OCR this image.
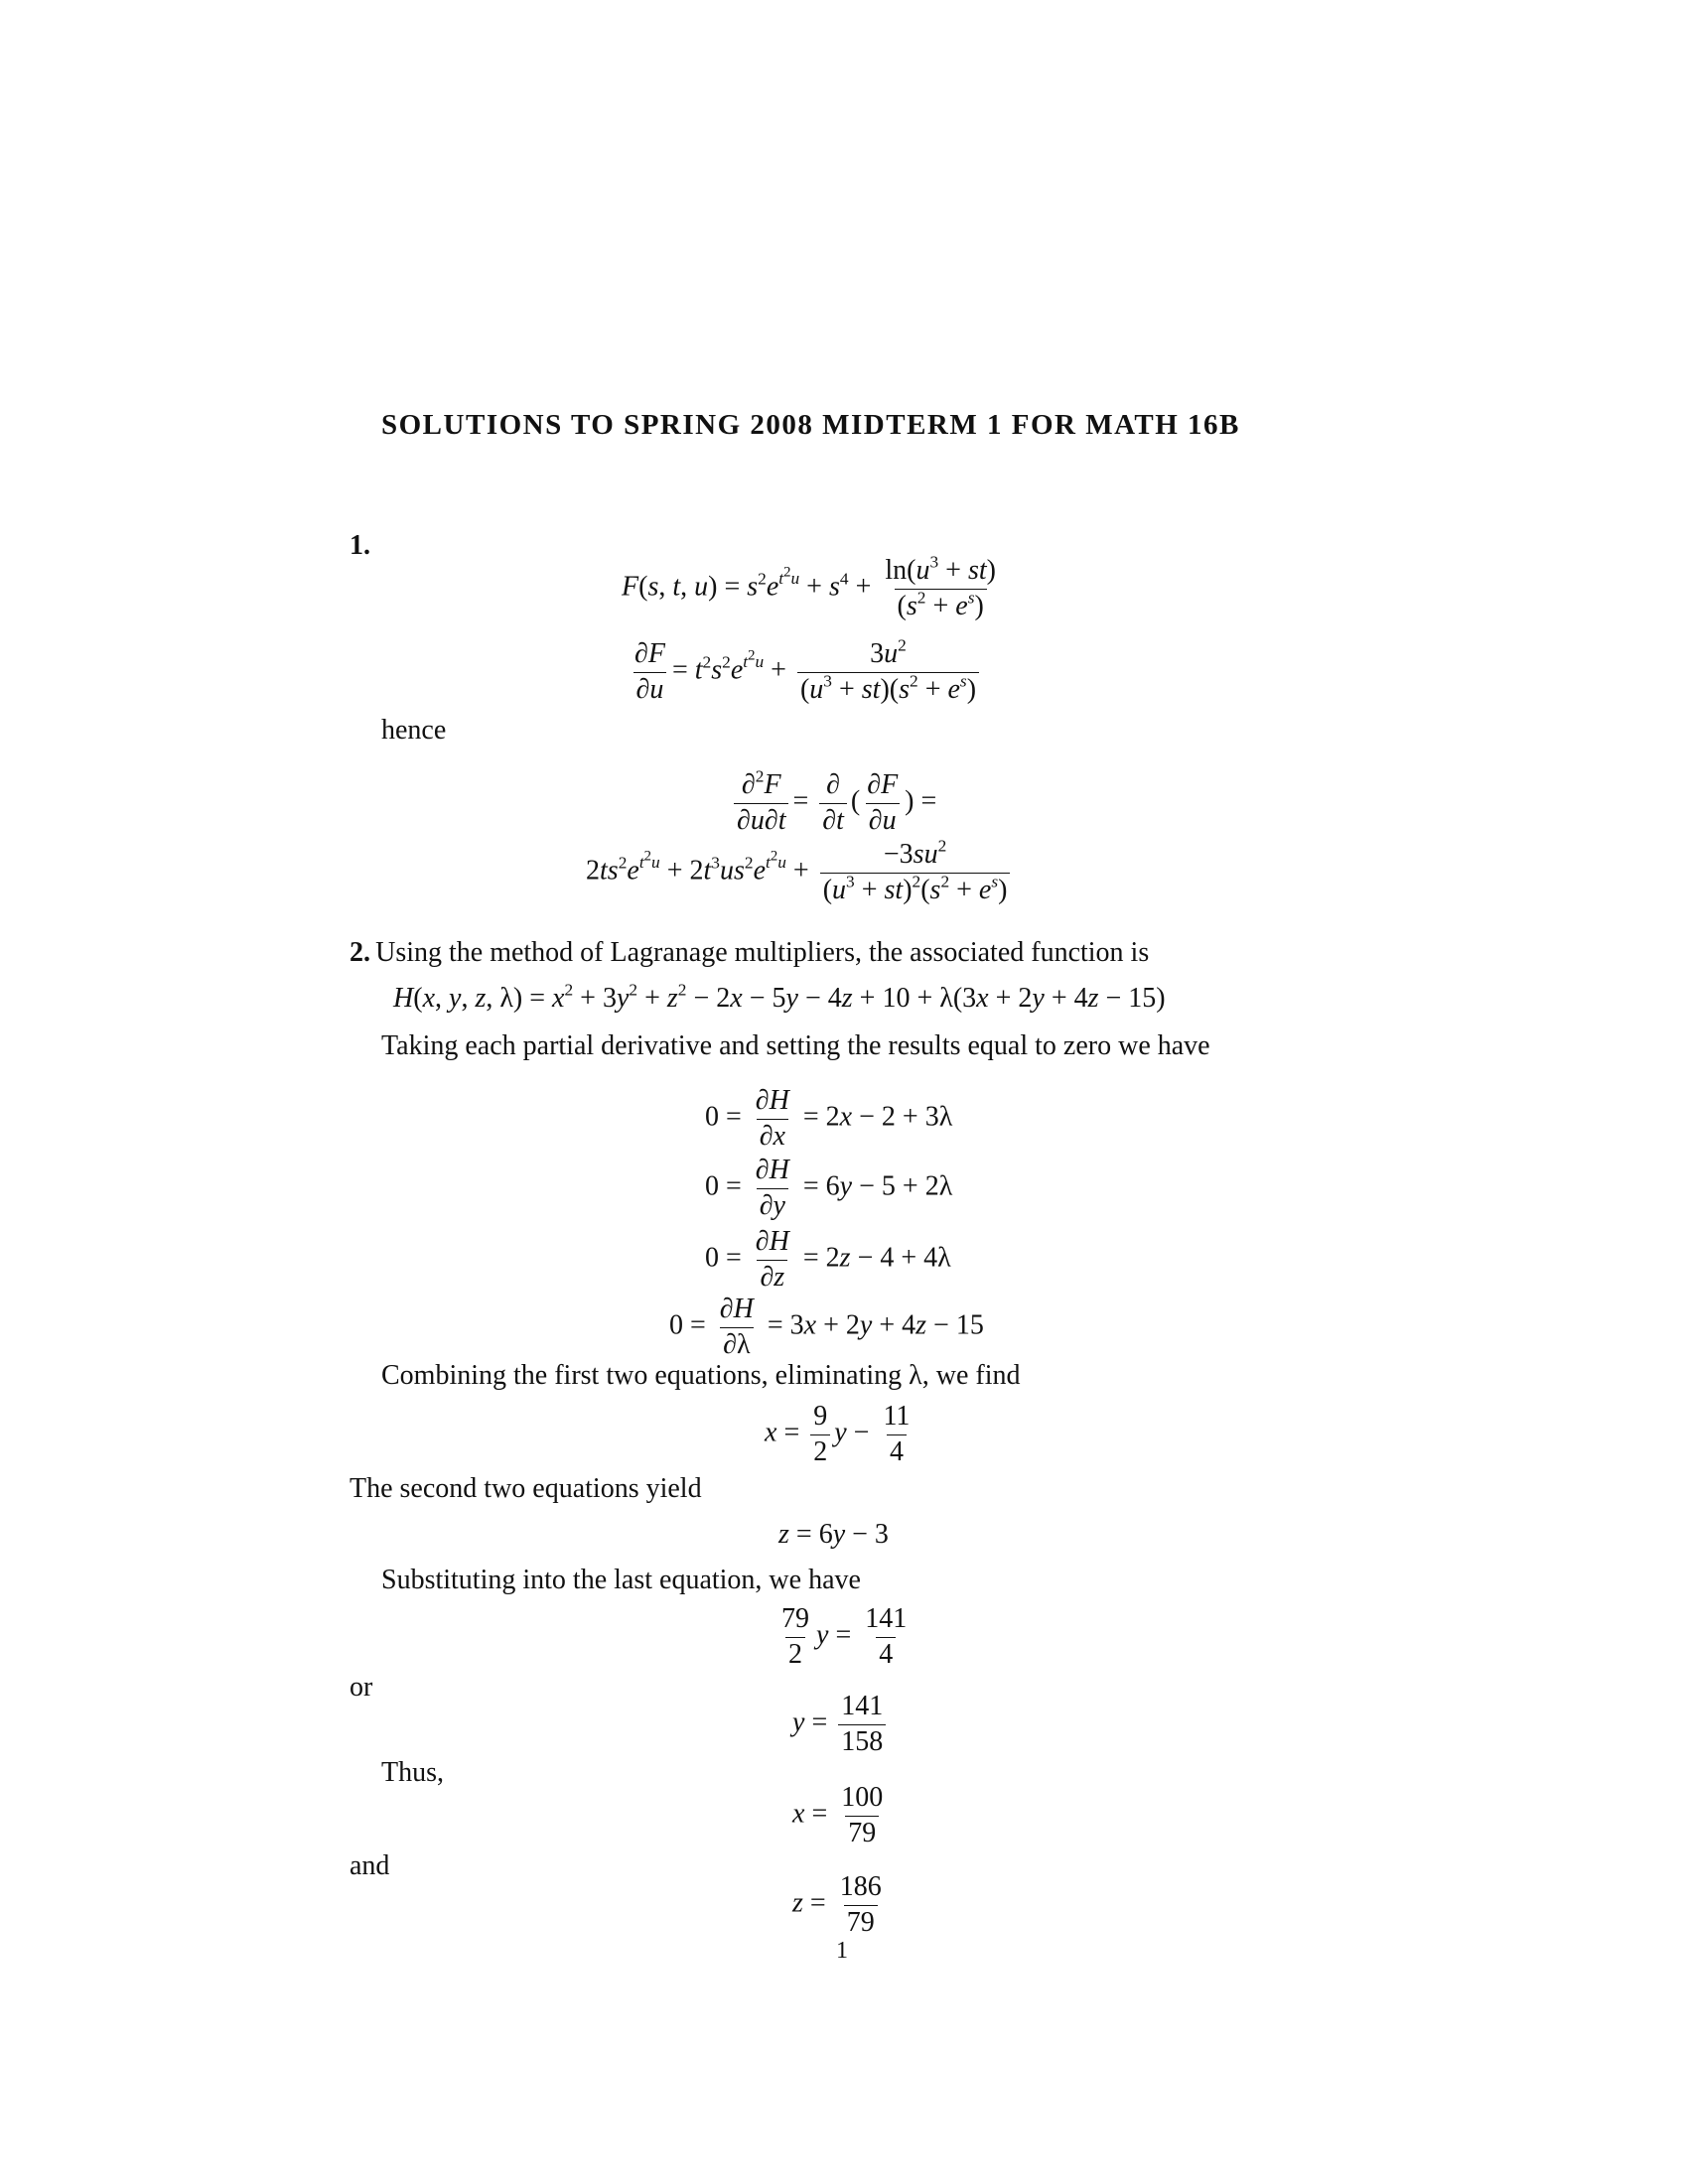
SOLUTIONS TO SPRING 2008 MIDTERM 1 FOR MATH 16B
1.
F(s, t, $u) = s^2e^{t^2u} + s^4 + \frac{\ln(u^3 + st)}{(s^2 + e^s)}$
$\frac{\partial F}{\partial u} = t^2s^2e^{t^2u} + \frac{3u^2}{(u^3 + st)(s^2 + e^s)}$
hence
$\frac{\partial^2F}{\partial u\partial t} = \frac{\partial}{\partial t}$ ( $\frac{\partial F}{\partial u}$ ) =
$2ts^2e^{t^2u} + 2t^3us^2e^{t^2u} + \frac{-3su^2}{(u^3 + st)^2(s^2 + e^s)}$
2. Using the method of Lagranage multipliers, the associated function is
H(x, y, z, $\lambda) = x^2 + 3y^2 + z^2 - 2x - 5y - 4z + 10 + \lambda(3x + 2y + 4z - 15)$
Taking each partial derivative and setting the results equal to zero we have
$0 = \frac{\partial H}{\partial x} = 2x - 2 + 3\lambda$
$0 = \frac{\partial H}{\partial y} = 6y - 5 + 2\lambda$
$0 = \frac{\partial H}{\partial z} = 2z - 4 + 4\lambda$
$0 = \frac{\partial H}{\partial\lambda} = 3x + 2y + 4z - 15$
Combining the first two equations, eliminating λ, we find
$x = \frac{9}{2}$ $y - \frac{11}{4}$
The second two equations yield
z = 6y − 3
Substituting into the last equation, we have
$\frac{79}{2}$ $y = \frac{141}{4}$
or
$y = \frac{141}{158}$
Thus,
$x = \frac{100}{79}$
and
$z = \frac{186}{79}$
1
